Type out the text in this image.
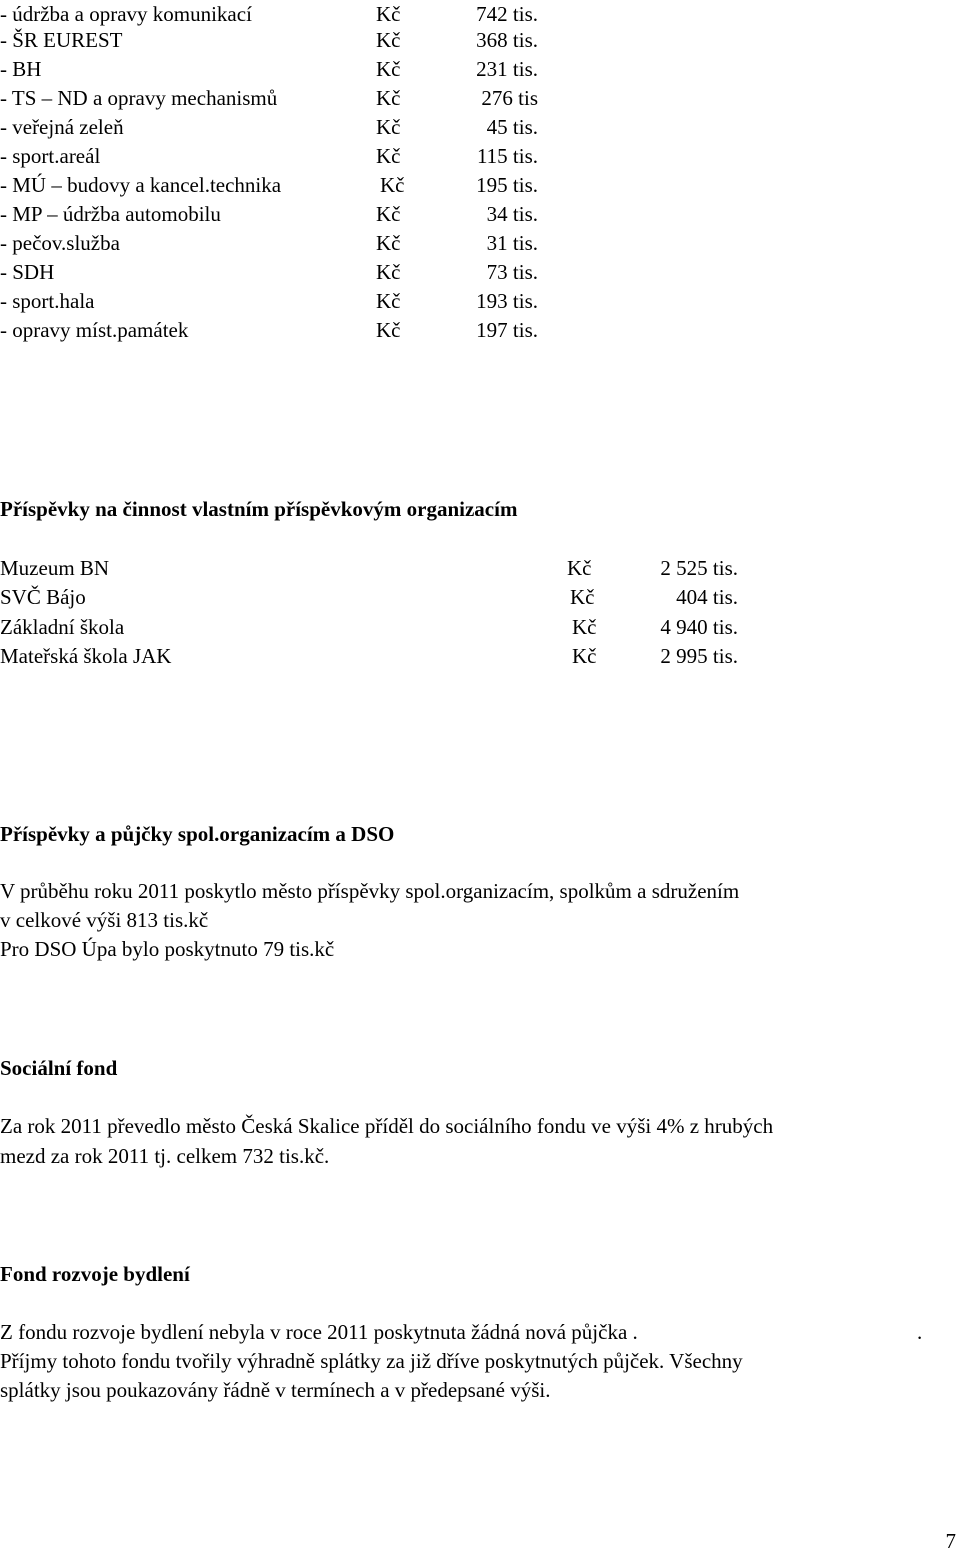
- údržba a opravy komunikací	Kč	742 tis.
- ŠR EUREST	Kč	368 tis.
- BH	Kč	231 tis.
- TS – ND a opravy mechanismů	Kč	276 tis
- veřejná zeleň	Kč	45 tis.
- sport.areál	Kč	115 tis.
- MÚ – budovy a kancel.technika	Kč	195 tis.
- MP – údržba automobilu	Kč	34 tis.
- pečov.služba	Kč	31 tis.
- SDH	Kč	73 tis.
- sport.hala	Kč	193 tis.
- opravy míst.památek	Kč	197 tis.
Příspěvky na činnost vlastním příspěvkovým organizacím
Muzeum BN	Kč	2 525 tis.
SVČ Bájo	Kč	404 tis.
Základní škola	Kč	4 940 tis.
Mateřská škola JAK	Kč	2 995 tis.
Příspěvky a půjčky spol.organizacím a DSO
V průběhu roku 2011 poskytlo město příspěvky spol.organizacím, spolkům a sdružením
v celkové výši 813 tis.kč
Pro DSO Úpa bylo poskytnuto 79 tis.kč
Sociální fond
Za rok 2011 převedlo město Česká Skalice příděl do sociálního fondu ve výši 4% z hrubých
mezd za rok 2011 tj. celkem 732 tis.kč.
Fond rozvoje bydlení
Z fondu rozvoje bydlení nebyla v roce 2011 poskytnuta žádná nová půjčka .	.
Příjmy tohoto fondu tvořily výhradně splátky za již dříve poskytnutých půjček. Všechny
splátky jsou poukazovány řádně v termínech a v předepsané výši.
7
